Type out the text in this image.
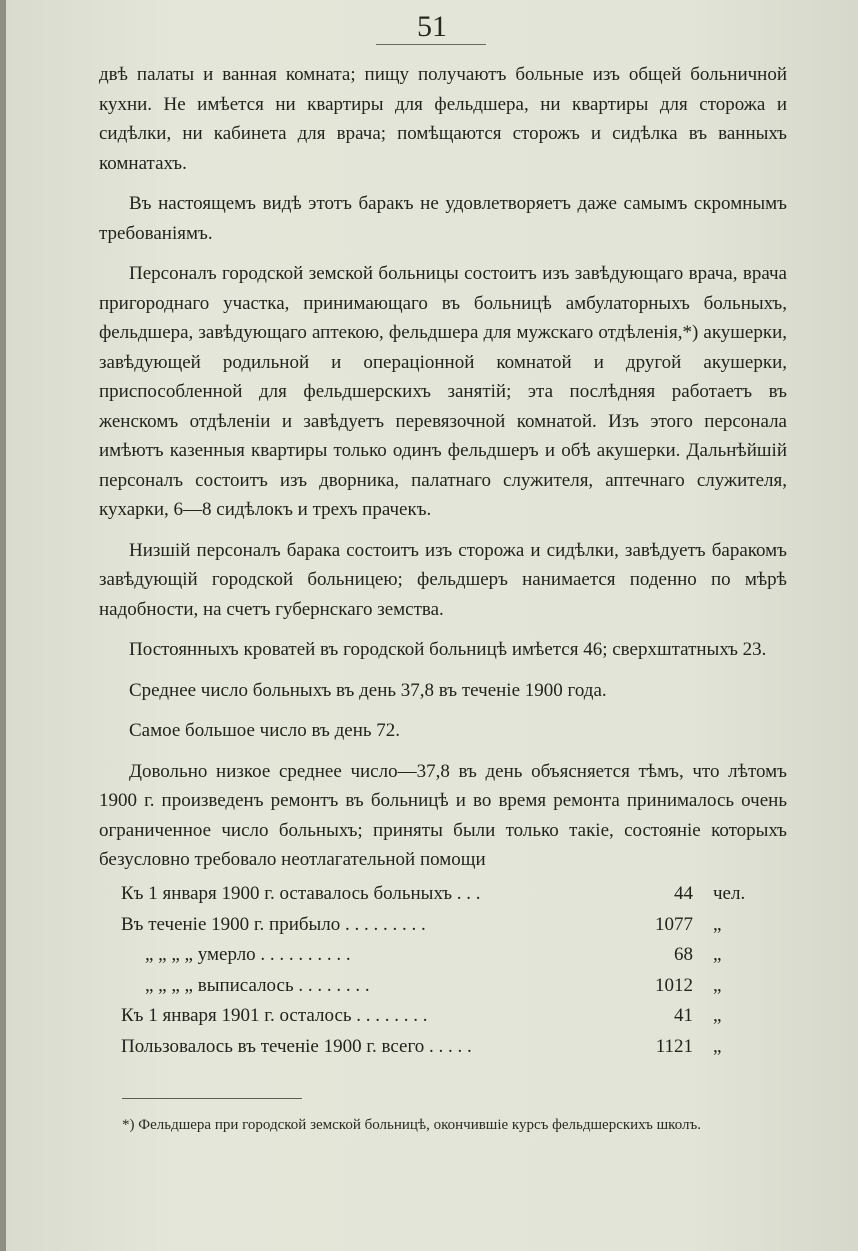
51

двѣ палаты и ванная комната; пищу получаютъ больные изъ общей больничной кухни. Не имѣется ни квартиры для фельдшера, ни квартиры для сторожа и сидѣлки, ни кабинета для врача; помѣщаются сторожъ и сидѣлка въ ванныхъ комнатахъ.

Въ настоящемъ видѣ этотъ баракъ не удовлетворяетъ даже самымъ скромнымъ требованіямъ.

Персоналъ городской земской больницы состоитъ изъ завѣдующаго врача, врача пригороднаго участка, принимающаго въ больницѣ амбулаторныхъ больныхъ, фельдшера, завѣдующаго аптекою, фельдшера для мужскаго отдѣленія,*) акушерки, завѣдующей родильной и операціонной комнатой и другой акушерки, приспособленной для фельдшерскихъ занятій; эта послѣдняя работаетъ въ женскомъ отдѣленіи и завѣдуетъ перевязочной комнатой. Изъ этого персонала имѣютъ казенныя квартиры только одинъ фельдшеръ и обѣ акушерки. Дальнѣйшій персоналъ состоитъ изъ дворника, палатнаго служителя, аптечнаго служителя, кухарки, 6—8 сидѣлокъ и трехъ прачекъ.

Низшій персоналъ барака состоитъ изъ сторожа и сидѣлки, завѣдуетъ баракомъ завѣдующій городской больницею; фельдшеръ нанимается поденно по мѣрѣ надобности, на счетъ губернскаго земства.

Постоянныхъ кроватей въ городской больницѣ имѣется 46; сверхштатныхъ 23.

Среднее число больныхъ въ день 37,8 въ теченіе 1900 года.

Самое большое число въ день 72.

Довольно низкое среднее число—37,8 въ день объясняется тѣмъ, что лѣтомъ 1900 г. произведенъ ремонтъ въ больницѣ и во время ремонта принималось очень ограниченное число больныхъ; приняты были только такіе, состояніе которыхъ безусловно требовало неотлагательной помощи

Къ 1 января 1900 г. оставалось больныхъ . . .	44 чел.
Въ теченіе 1900 г. прибыло . . . . . . . . .	1077 „
„ „ „ „ умерло . . . . . . . . . .	68 „
„ „ „ „ выписалось . . . . . . . .	1012 „
Къ 1 января 1901 г. осталось . . . . . . . .	41 „
Пользовалось въ теченіе 1900 г. всего . . . . .	1121 „
*) Фельдшера при городской земской больницѣ, окончившіе курсъ фельдшерскихъ школъ.
